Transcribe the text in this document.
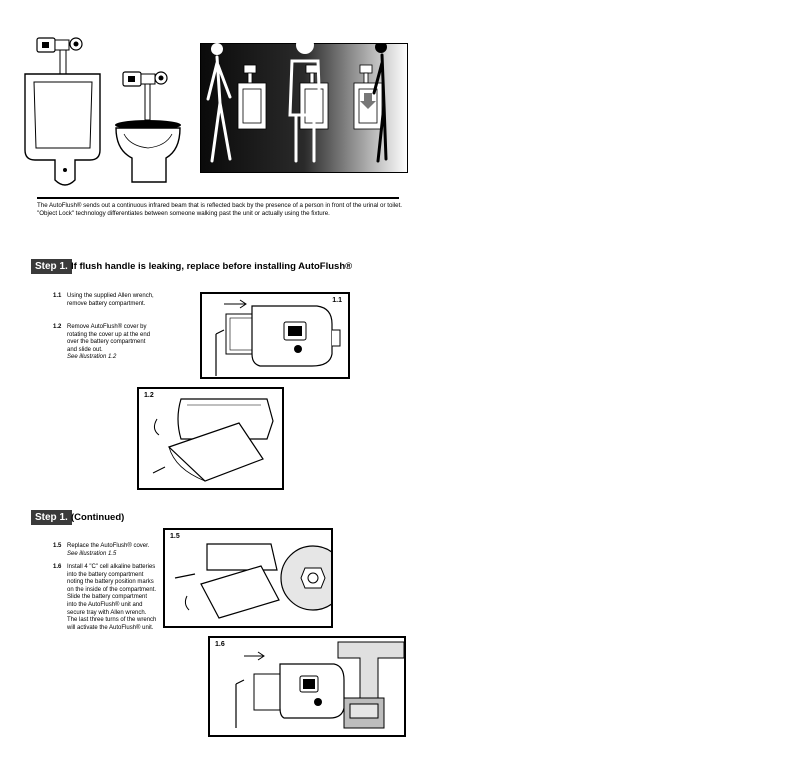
The AutoFlush® sends out a continuous infrared beam that is reflected back by the presence of a person in front of the urinal or toilet. "Object Lock" technology differentiates between someone walking past the unit or actually using the fixture.
Step 1. If flush handle is leaking, replace before installing AutoFlush®
1.1 Using the supplied Allen wrench, remove battery compartment.
1.2 Remove AutoFlush® cover by rotating the cover up at the end over the battery compartment and slide out.
See illustration 1.2
1.1
1.2
Step 1. (Continued)
1.5 Replace the AutoFlush® cover.
See illustration 1.5
1.6 Install 4 "C" cell alkaline batteries into the battery compartment noting the battery position marks on the inside of the compartment. Slide the battery compartment into the AutoFlush® unit and secure tray with Allen wrench. The last three turns of the wrench will activate the AutoFlush® unit.
1.5
1.6
